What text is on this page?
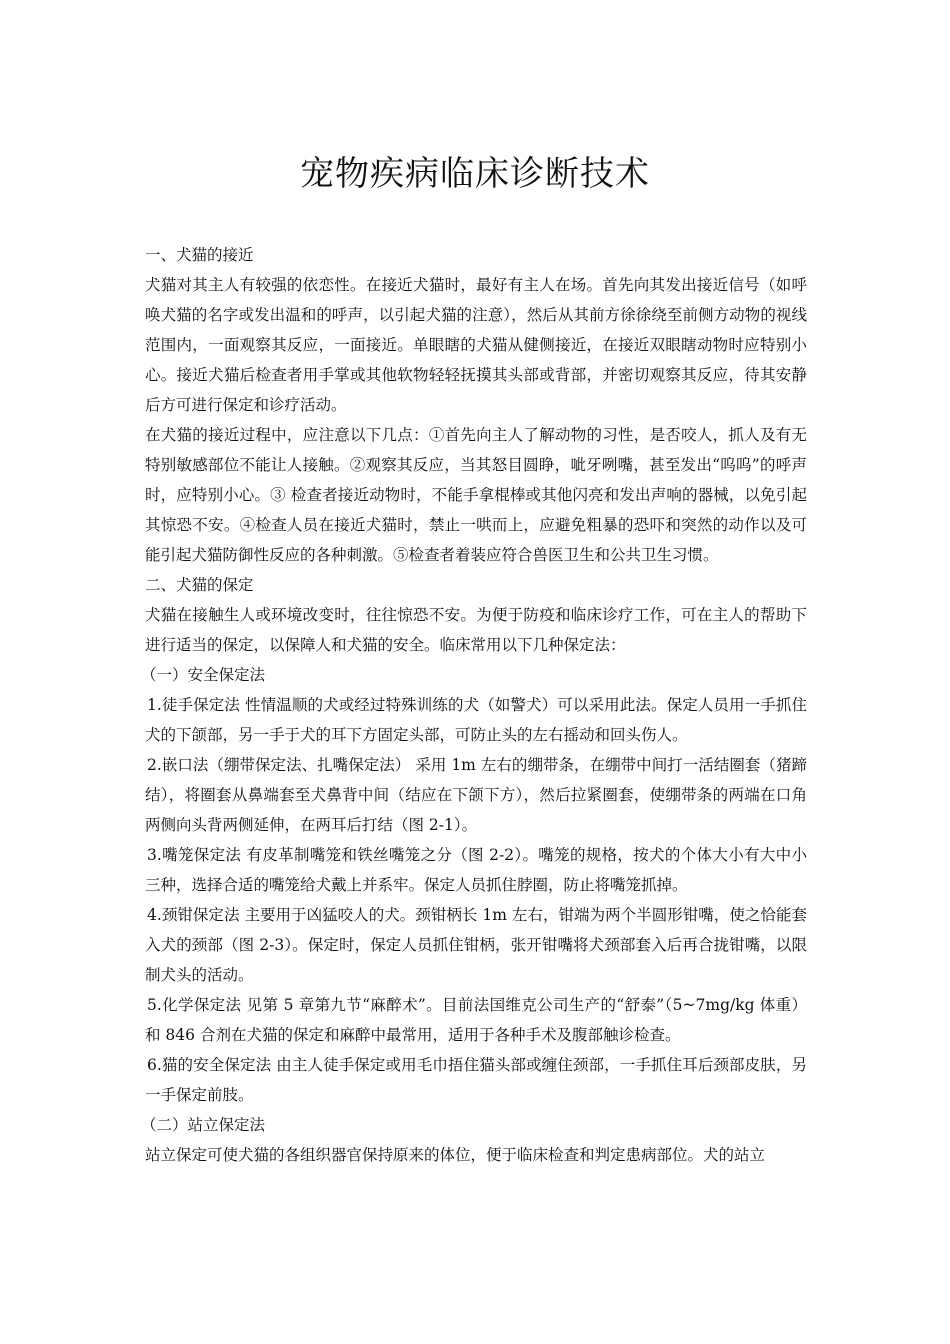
宠物疾病临床诊断技术

一、犬猫的接近

犬猫对其主人有较强的依恋性。在接近犬猫时，最好有主人在场。首先向其发出接近信号（如呼唤犬猫的名字或发出温和的呼声，以引起犬猫的注意），然后从其前方徐徐绕至前侧方动物的视线范围内，一面观察其反应，一面接近。单眼瞎的犬猫从健侧接近，在接近双眼瞎动物时应特别小心。接近犬猫后检查者用手掌或其他软物轻轻抚摸其头部或背部，并密切观察其反应，待其安静后方可进行保定和诊疗活动。

在犬猫的接近过程中，应注意以下几点：①首先向主人了解动物的习性，是否咬人，抓人及有无特别敏感部位不能让人接触。②观察其反应，当其怒目圆睁，呲牙咧嘴，甚至发出“呜呜”的呼声时，应特别小心。③ 检查者接近动物时，不能手拿棍棒或其他闪亮和发出声响的器械，以免引起其惊恐不安。④检查人员在接近犬猫时，禁止一哄而上，应避免粗暴的恐吓和突然的动作以及可能引起犬猫防御性反应的各种刺激。⑤检查者着装应符合兽医卫生和公共卫生习惯。

二、犬猫的保定

犬猫在接触生人或环境改变时，往往惊恐不安。为便于防疫和临床诊疗工作，可在主人的帮助下进行适当的保定，以保障人和犬猫的安全。临床常用以下几种保定法：

（一）安全保定法

1.徒手保定法 性情温顺的犬或经过特殊训练的犬（如警犬）可以采用此法。保定人员用一手抓住犬的下颌部，另一手于犬的耳下方固定头部，可防止头的左右摇动和回头伤人。

2.嵌口法（绷带保定法、扎嘴保定法） 采用 1m 左右的绷带条，在绷带中间打一活结圈套（猪蹄结），将圈套从鼻端套至犬鼻背中间（结应在下颌下方），然后拉紧圈套，使绷带条的两端在口角两侧向头背两侧延伸，在两耳后打结（图 2-1）。

3.嘴笼保定法 有皮革制嘴笼和铁丝嘴笼之分（图 2-2）。嘴笼的规格，按犬的个体大小有大中小三种，选择合适的嘴笼给犬戴上并系牢。保定人员抓住脖圈，防止将嘴笼抓掉。

4.颈钳保定法 主要用于凶猛咬人的犬。颈钳柄长 1m 左右，钳端为两个半圆形钳嘴，使之恰能套入犬的颈部（图 2-3）。保定时，保定人员抓住钳柄，张开钳嘴将犬颈部套入后再合拢钳嘴，以限制犬头的活动。

5.化学保定法 见第 5 章第九节“麻醉术”。目前法国维克公司生产的“舒泰”（5~7mg/kg 体重）和 846 合剂在犬猫的保定和麻醉中最常用，适用于各种手术及腹部触诊检查。

6.猫的安全保定法 由主人徒手保定或用毛巾捂住猫头部或缠住颈部，一手抓住耳后颈部皮肤，另一手保定前肢。

（二）站立保定法

站立保定可使犬猫的各组织器官保持原来的体位，便于临床检查和判定患病部位。犬的站立
